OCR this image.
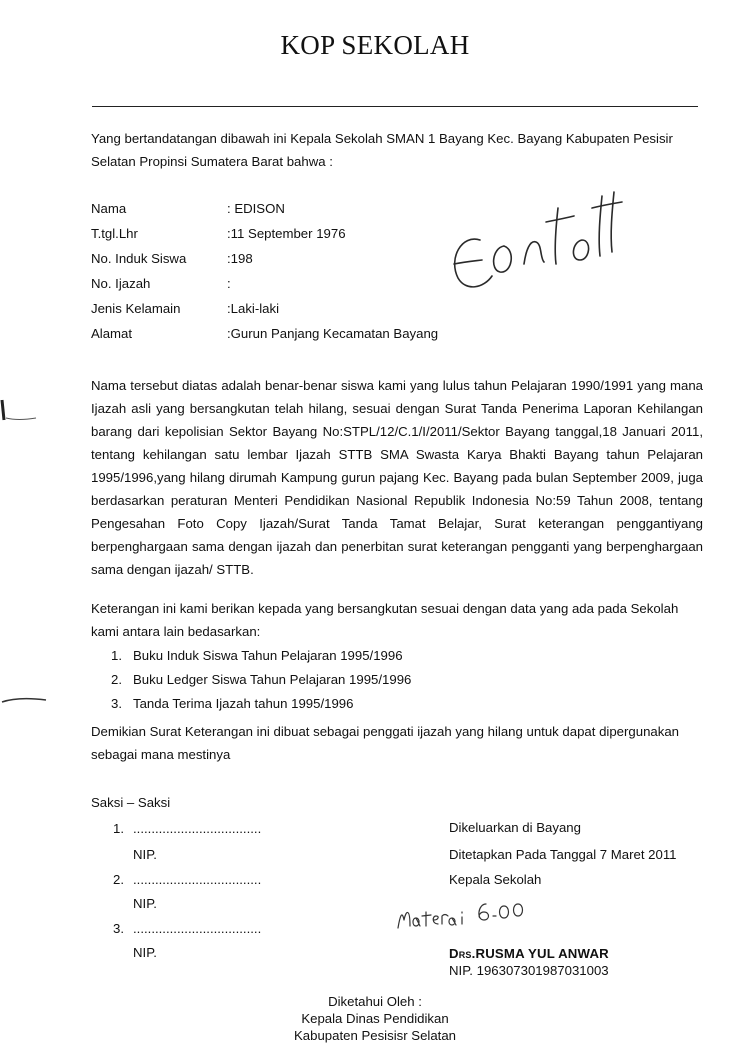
KOP SEKOLAH
Yang bertandatangan dibawah ini Kepala Sekolah SMAN 1 Bayang Kec. Bayang Kabupaten Pesisir
Selatan Propinsi Sumatera Barat bahwa :
Nama	: EDISON
T.tgl.Lhr	:11 September 1976
No. Induk Siswa	:198
No. Ijazah	:
Jenis Kelamain	:Laki-laki
Alamat	:Gurun Panjang Kecamatan Bayang
Nama tersebut diatas adalah benar-benar siswa kami yang lulus tahun Pelajaran 1990/1991 yang mana Ijazah asli yang bersangkutan telah hilang, sesuai dengan Surat Tanda Penerima Laporan Kehilangan barang dari kepolisian Sektor Bayang No:STPL/12/C.1/I/2011/Sektor Bayang tanggal,18 Januari 2011, tentang kehilangan satu lembar Ijazah STTB SMA Swasta Karya Bhakti Bayang tahun Pelajaran 1995/1996,yang hilang dirumah Kampung gurun pajang Kec. Bayang pada bulan September 2009, juga berdasarkan peraturan Menteri Pendidikan Nasional Republik Indonesia No:59 Tahun 2008, tentang Pengesahan Foto Copy Ijazah/Surat Tanda Tamat Belajar, Surat keterangan penggantiyang berpenghargaan sama dengan ijazah dan penerbitan surat keterangan pengganti yang berpenghargaan sama dengan ijazah/ STTB.
Keterangan ini kami berikan kepada yang bersangkutan sesuai dengan data yang ada pada Sekolah kami antara lain bedasarkan:
1. Buku Induk Siswa Tahun Pelajaran 1995/1996
2. Buku Ledger Siswa Tahun Pelajaran 1995/1996
3. Tanda Terima Ijazah tahun 1995/1996
Demikian Surat Keterangan ini dibuat sebagai penggati ijazah yang hilang untuk dapat dipergunakan sebagai mana mestinya
Saksi – Saksi
1. ...................................
NIP.
2. ...................................
NIP.
3. ...................................
NIP.
Dikeluarkan di Bayang
Ditetapkan Pada Tanggal 7 Maret 2011
Kepala Sekolah
Drs.RUSMA YUL ANWAR
NIP. 196307301987031003
Diketahui Oleh :
Kepala Dinas Pendidikan
Kabupaten Pesisisr Selatan
